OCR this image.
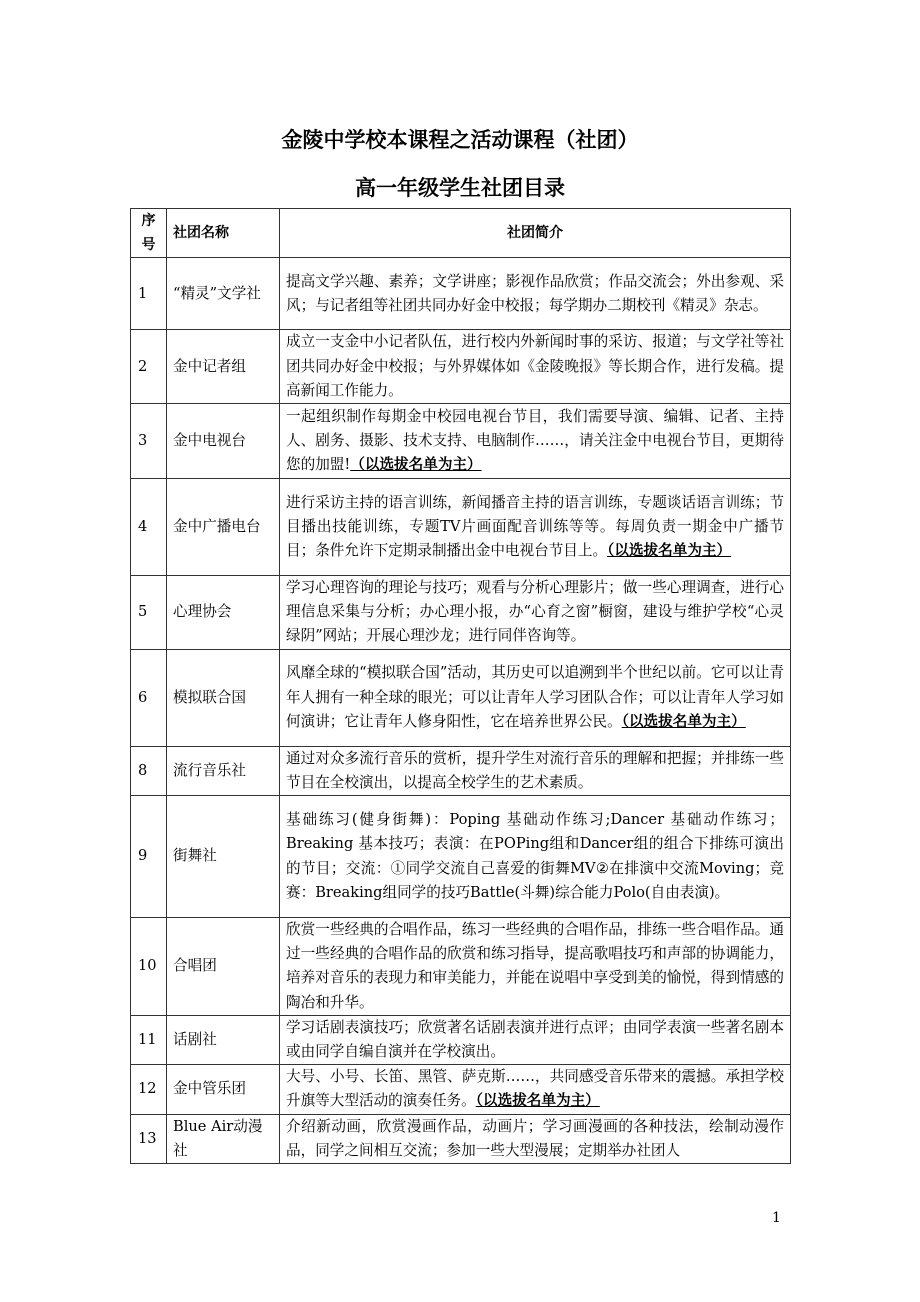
金陵中学校本课程之活动课程（社团）
高一年级学生社团目录
序号	社团名称	社团简介
1	“精灵”文学社	提高文学兴趣、素养；文学讲座；影视作品欣赏；作品交流会；外出参观、采风；与记者组等社团共同办好金中校报；每学期办二期校刊《精灵》杂志。
2	金中记者组	成立一支金中小记者队伍，进行校内外新闻时事的采访、报道；与文学社等社团共同办好金中校报；与外界媒体如《金陵晚报》等长期合作，进行发稿。提高新闻工作能力。
3	金中电视台	一起组织制作每期金中校园电视台节目，我们需要导演、编辑、记者、主持人、剧务、摄影、技术支持、电脑制作……，请关注金中电视台节目，更期待您的加盟!（以选拔名单为主）
4	金中广播电台	进行采访主持的语言训练，新闻播音主持的语言训练，专题谈话语言训练；节目播出技能训练，专题TV片画面配音训练等等。每周负责一期金中广播节目；条件允许下定期录制播出金中电视台节目上。（以选拔名单为主）
5	心理协会	学习心理咨询的理论与技巧；观看与分析心理影片；做一些心理调查，进行心理信息采集与分析；办心理小报，办“心育之窗”橱窗，建设与维护学校“心灵绿阴”网站；开展心理沙龙；进行同伴咨询等。
6	模拟联合国	风靡全球的“模拟联合国”活动，其历史可以追溯到半个世纪以前。它可以让青年人拥有一种全球的眼光；可以让青年人学习团队合作；可以让青年人学习如何演讲；它让青年人修身阳性，它在培养世界公民。（以选拔名单为主）
8	流行音乐社	通过对众多流行音乐的赏析，提升学生对流行音乐的理解和把握；并排练一些节目在全校演出，以提高全校学生的艺术素质。
9	街舞社	基础练习(健身街舞)：Poping 基础动作练习;Dancer 基础动作练习；Breaking 基本技巧；表演：在POPing组和Dancer组的组合下排练可演出的节目；交流：①同学交流自己喜爱的街舞MV②在排演中交流Moving；竞赛：Breaking组同学的技巧Battle(斗舞)综合能力Polo(自由表演)。
10	合唱团	欣赏一些经典的合唱作品，练习一些经典的合唱作品，排练一些合唱作品。通过一些经典的合唱作品的欣赏和练习指导，提高歌唱技巧和声部的协调能力，培养对音乐的表现力和审美能力，并能在说唱中享受到美的愉悦，得到情感的陶冶和升华。
11	话剧社	学习话剧表演技巧；欣赏著名话剧表演并进行点评；由同学表演一些著名剧本或由同学自编自演并在学校演出。
12	金中管乐团	大号、小号、长笛、黑管、萨克斯……，共同感受音乐带来的震撼。承担学校升旗等大型活动的演奏任务。（以选拔名单为主）
13	Blue Air动漫社	介绍新动画，欣赏漫画作品，动画片；学习画漫画的各种技法，绘制动漫作品，同学之间相互交流；参加一些大型漫展；定期举办社团人
1
